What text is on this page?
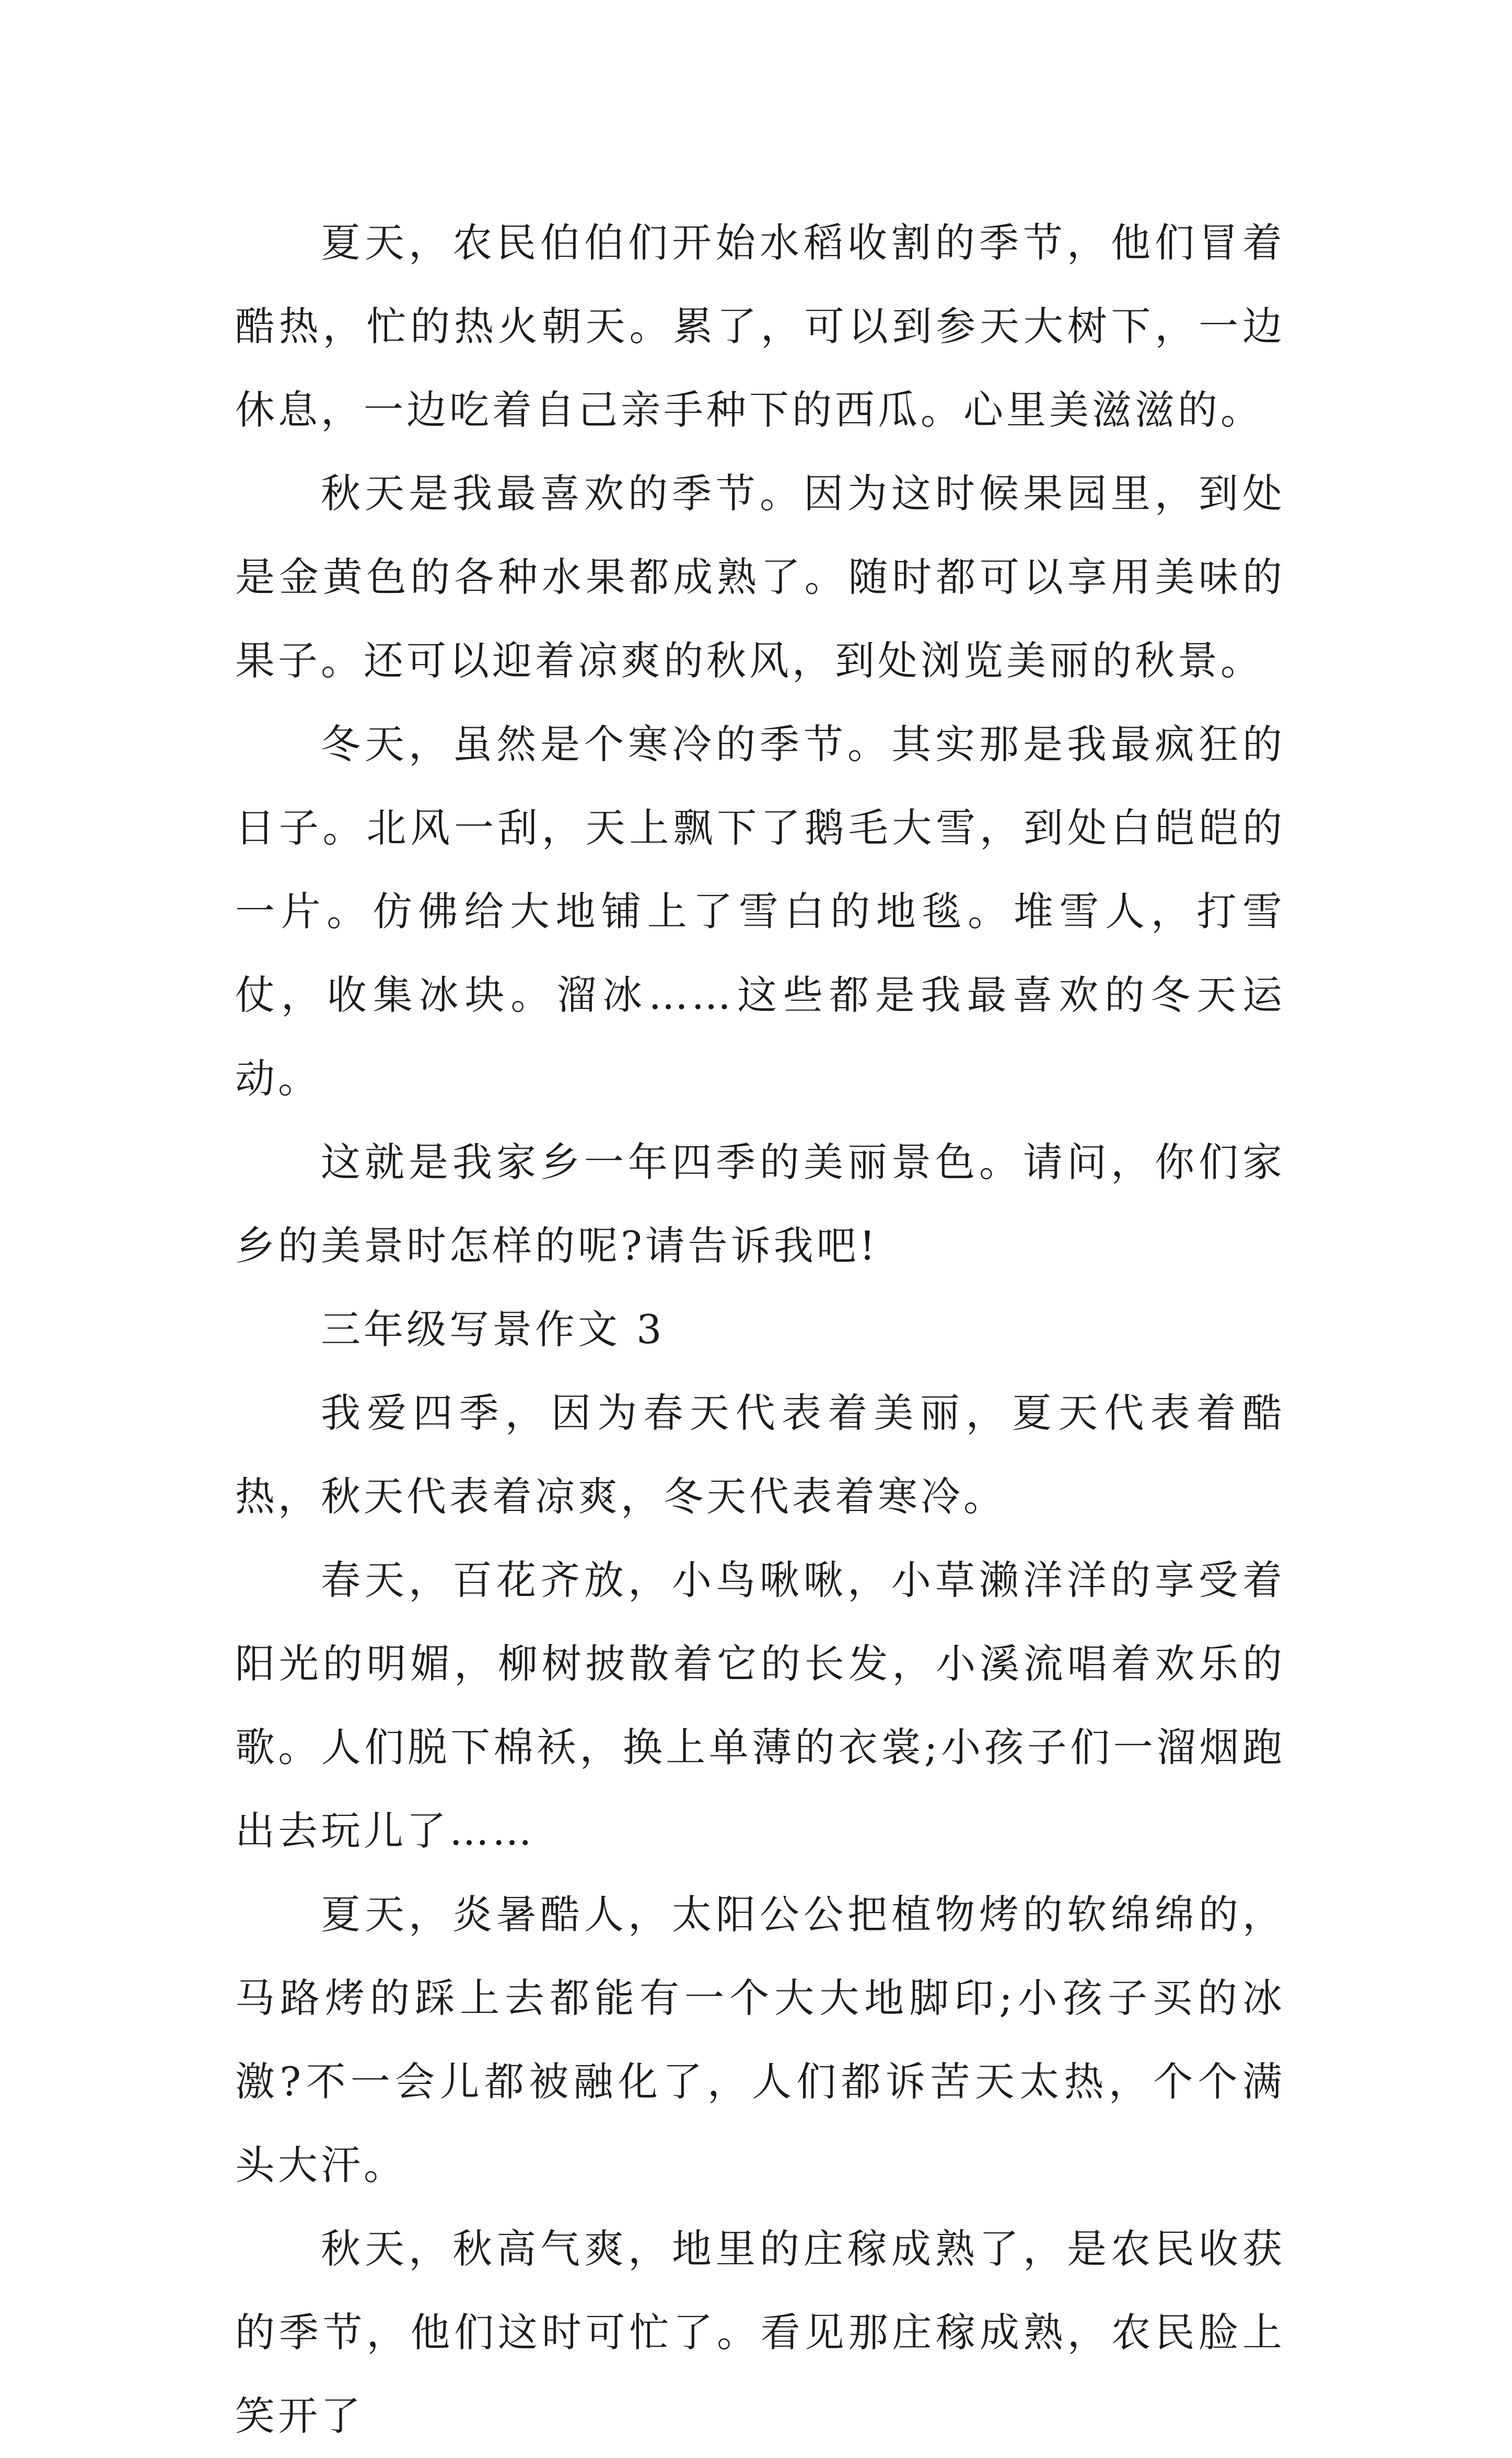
夏天，农民伯伯们开始水稻收割的季节，他们冒着酷热，忙的热火朝天。累了，可以到参天大树下，一边休息，一边吃着自己亲手种下的西瓜。心里美滋滋的。

秋天是我最喜欢的季节。因为这时候果园里，到处是金黄色的各种水果都成熟了。随时都可以享用美味的果子。还可以迎着凉爽的秋风，到处浏览美丽的秋景。

冬天，虽然是个寒冷的季节。其实那是我最疯狂的日子。北风一刮，天上飘下了鹅毛大雪，到处白皑皑的一片。仿佛给大地铺上了雪白的地毯。堆雪人，打雪仗，收集冰块。溜冰……这些都是我最喜欢的冬天运动。

这就是我家乡一年四季的美丽景色。请问，你们家乡的美景时怎样的呢?请告诉我吧!

三年级写景作文 3

我爱四季，因为春天代表着美丽，夏天代表着酷热，秋天代表着凉爽，冬天代表着寒冷。

春天，百花齐放，小鸟啾啾，小草濑洋洋的享受着阳光的明媚，柳树披散着它的长发，小溪流唱着欢乐的歌。人们脱下棉袄，换上单薄的衣裳;小孩子们一溜烟跑出去玩儿了……

夏天，炎暑酷人，太阳公公把植物烤的软绵绵的，马路烤的踩上去都能有一个大大地脚印;小孩子买的冰激?不一会儿都被融化了，人们都诉苦天太热，个个满头大汗。

秋天，秋高气爽，地里的庄稼成熟了，是农民收获的季节，他们这时可忙了。看见那庄稼成熟，农民脸上笑开了
